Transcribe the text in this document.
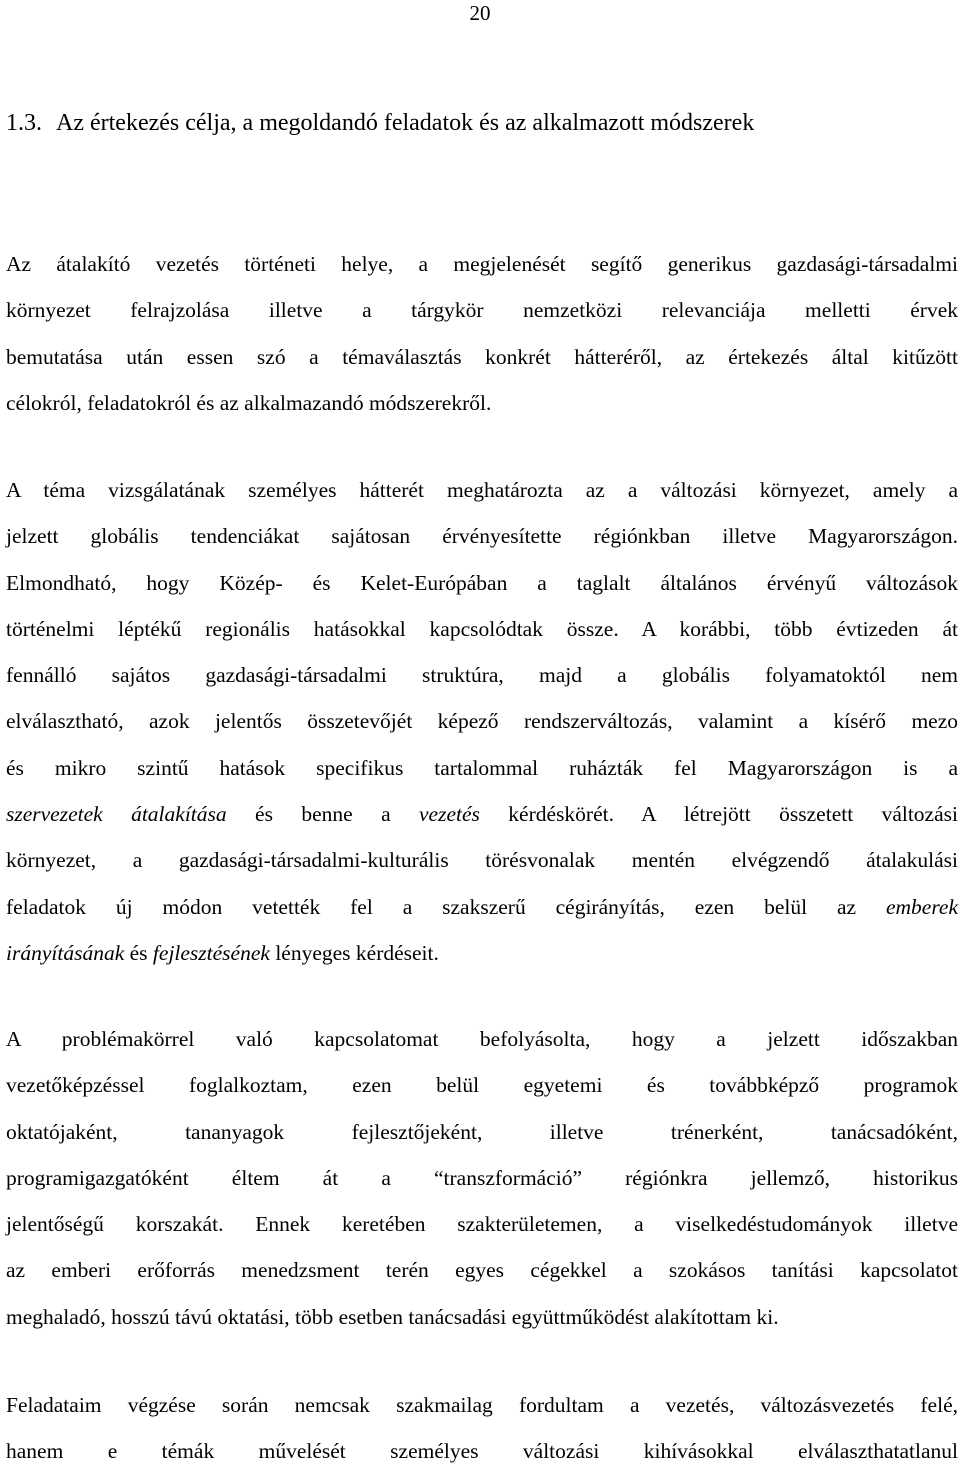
20
1.3. Az értekezés célja, a megoldandó feladatok és az alkalmazott módszerek
Az átalakító vezetés történeti helye, a megjelenését segítő generikus gazdasági-társadalmi
környezet felrajzolása illetve a tárgykör nemzetközi relevanciája melletti érvek
bemutatása után essen szó a témaválasztás konkrét hátteréről, az értekezés által kitűzött
célokról, feladatokról és az alkalmazandó módszerekről.
A téma vizsgálatának személyes hátterét meghatározta az a változási környezet, amely a
jelzett globális tendenciákat sajátosan érvényesítette régiónkban illetve Magyarországon.
Elmondható, hogy Közép- és Kelet-Európában a taglalt általános érvényű változások
történelmi léptékű regionális hatásokkal kapcsolódtak össze. A korábbi, több évtizeden át
fennálló sajátos gazdasági-társadalmi struktúra, majd a globális folyamatoktól nem
elválasztható, azok jelentős összetevőjét képező rendszerváltozás, valamint a kísérő mezo
és mikro szintű hatások specifikus tartalommal ruházták fel Magyarországon is a
szervezetek átalakítása és benne a vezetés kérdéskörét. A létrejött összetett változási
környezet, a gazdasági-társadalmi-kulturális törésvonalak mentén elvégzendő átalakulási
feladatok új módon vetették fel a szakszerű cégirányítás, ezen belül az emberek
irányításának és fejlesztésének lényeges kérdéseit.
A problémakörrel való kapcsolatomat befolyásolta, hogy a jelzett időszakban
vezetőképzéssel foglalkoztam, ezen belül egyetemi és továbbképző programok
oktatójaként, tananyagok fejlesztőjeként, illetve trénerként, tanácsadóként,
programigazgatóként éltem át a “transzformáció” régiónkra jellemző, historikus
jelentőségű korszakát. Ennek keretében szakterületemen, a viselkedéstudományok illetve
az emberi erőforrás menedzsment terén egyes cégekkel a szokásos tanítási kapcsolatot
meghaladó, hosszú távú oktatási, több esetben tanácsadási együttműködést alakítottam ki.
Feladataim végzése során nemcsak szakmailag fordultam a vezetés, változásvezetés felé,
hanem e témák művelését személyes változási kihívásokkal elválaszthatatlanul
